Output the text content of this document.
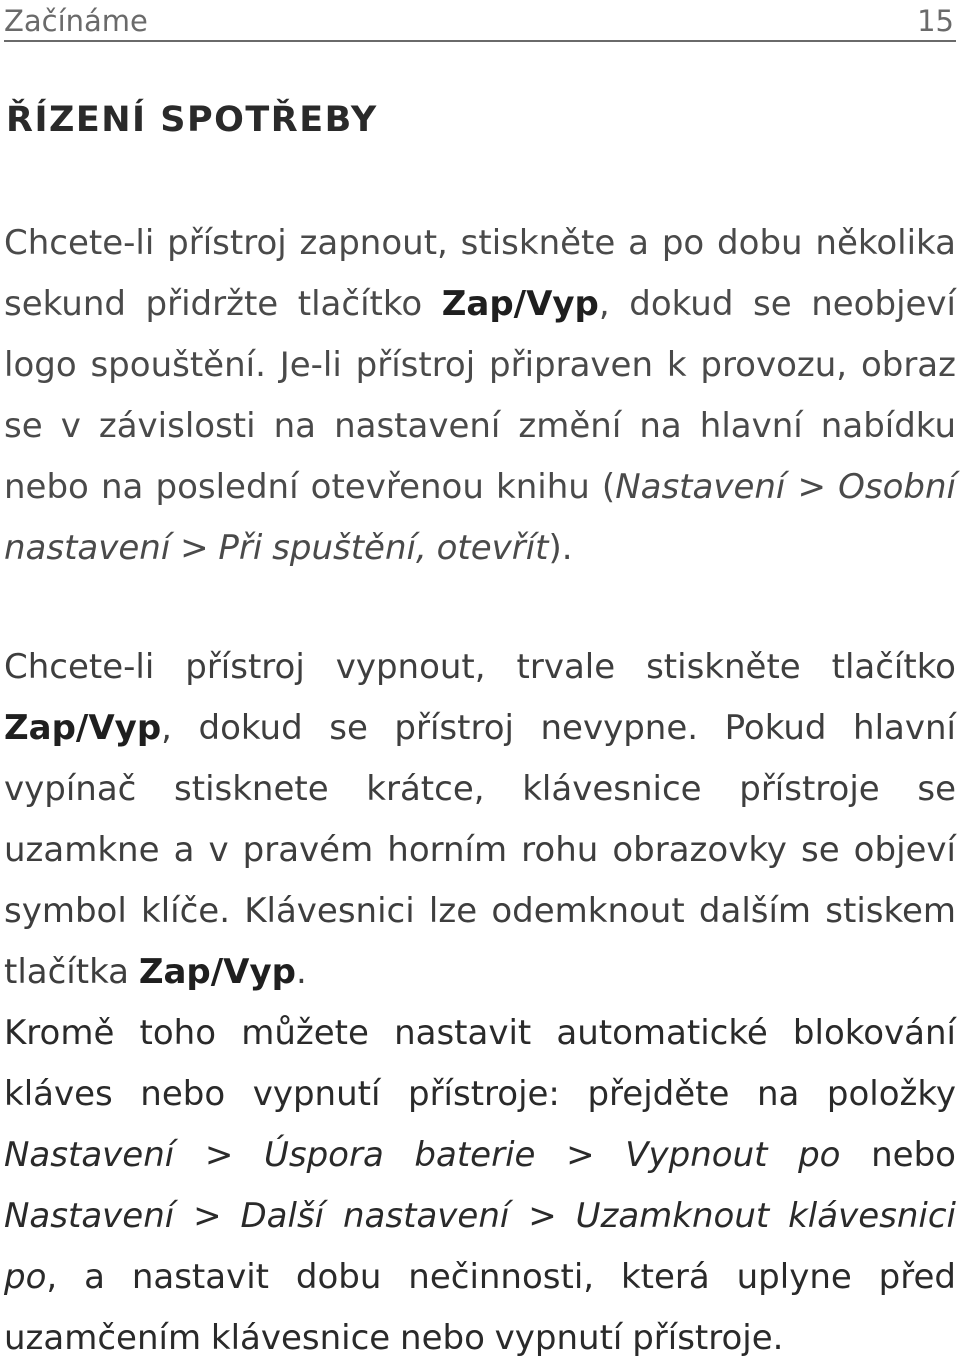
Začínáme	15
ŘÍZENÍ SPOTŘEBY

Chcete-li přístroj zapnout, stiskněte a po dobu několika sekund přidržte tlačítko Zap/Vyp, dokud se neobjeví logo spouštění. Je-li přístroj připraven k provozu, obraz se v závislosti na nastavení změní na hlavní nabídku nebo na poslední otevřenou knihu (Nastavení > Osobní nastavení > Při spuštění, otevřít).

Chcete-li přístroj vypnout, trvale stiskněte tlačítko Zap/Vyp, dokud se přístroj nevypne. Pokud hlavní vypínač stisknete krátce, klávesnice přístroje se uzamkne a v pravém horním rohu obrazovky se objeví symbol klíče. Klávesnici lze odemknout dalším stiskem tlačítka Zap/Vyp.

Kromě toho můžete nastavit automatické blokování kláves nebo vypnutí přístroje: přejděte na položky Nastavení > Úspora baterie > Vypnout po nebo Nastavení > Další nastavení > Uzamknout klávesnici po, a nastavit dobu nečinnosti, která uplyne před uzamčením klávesnice nebo vypnutí přístroje.
